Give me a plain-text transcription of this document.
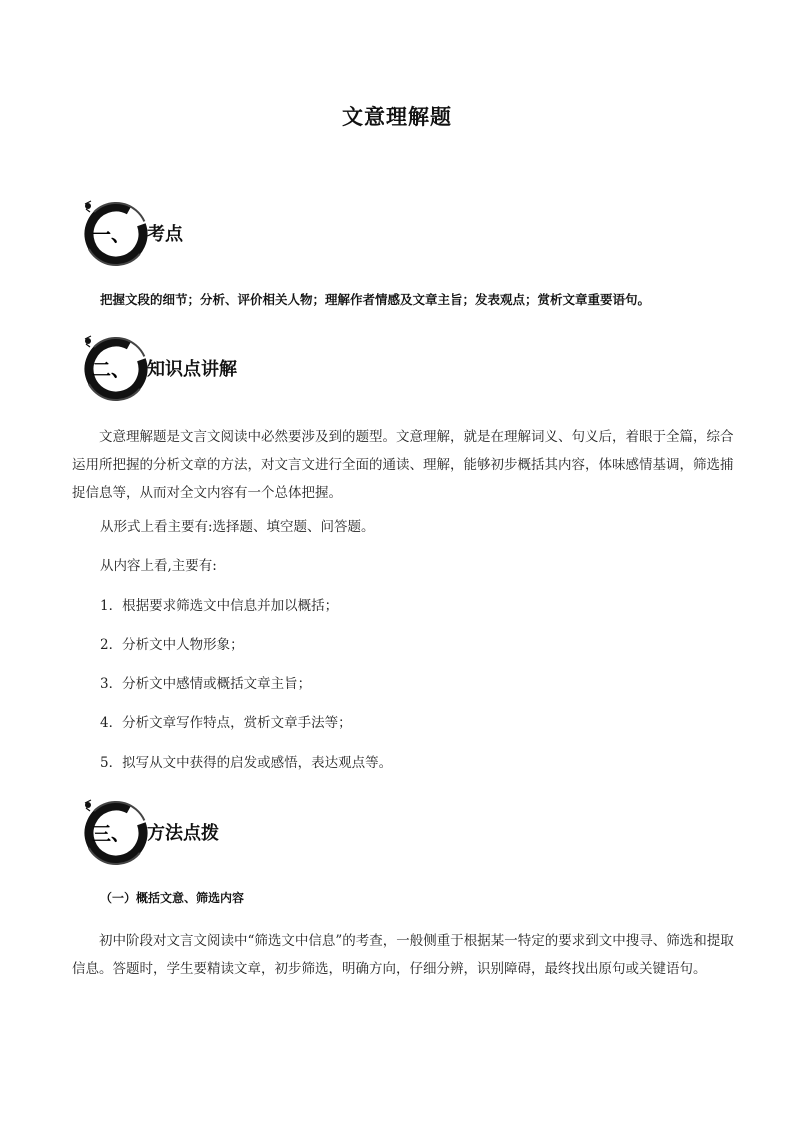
文意理解题
一、 考点
把握文段的细节；分析、评价相关人物；理解作者情感及文章主旨；发表观点；赏析文章重要语句。
二、 知识点讲解
文意理解题是文言文阅读中必然要涉及到的题型。文意理解，就是在理解词义、句义后，着眼于全篇，综合运用所把握的分析文章的方法，对文言文进行全面的通读、理解，能够初步概括其内容，体味感情基调，筛选捕捉信息等，从而对全文内容有一个总体把握。
从形式上看主要有:选择题、填空题、问答题。
从内容上看,主要有:
1．根据要求筛选文中信息并加以概括；
2．分析文中人物形象；
3．分析文中感情或概括文章主旨；
4．分析文章写作特点，赏析文章手法等；
5．拟写从文中获得的启发或感悟，表达观点等。
三、 方法点拨
（一）概括文意、筛选内容
初中阶段对文言文阅读中“筛选文中信息”的考查，一般侧重于根据某一特定的要求到文中搜寻、筛选和提取信息。答题时，学生要精读文章，初步筛选，明确方向，仔细分辨，识别障碍，最终找出原句或关键语句。
